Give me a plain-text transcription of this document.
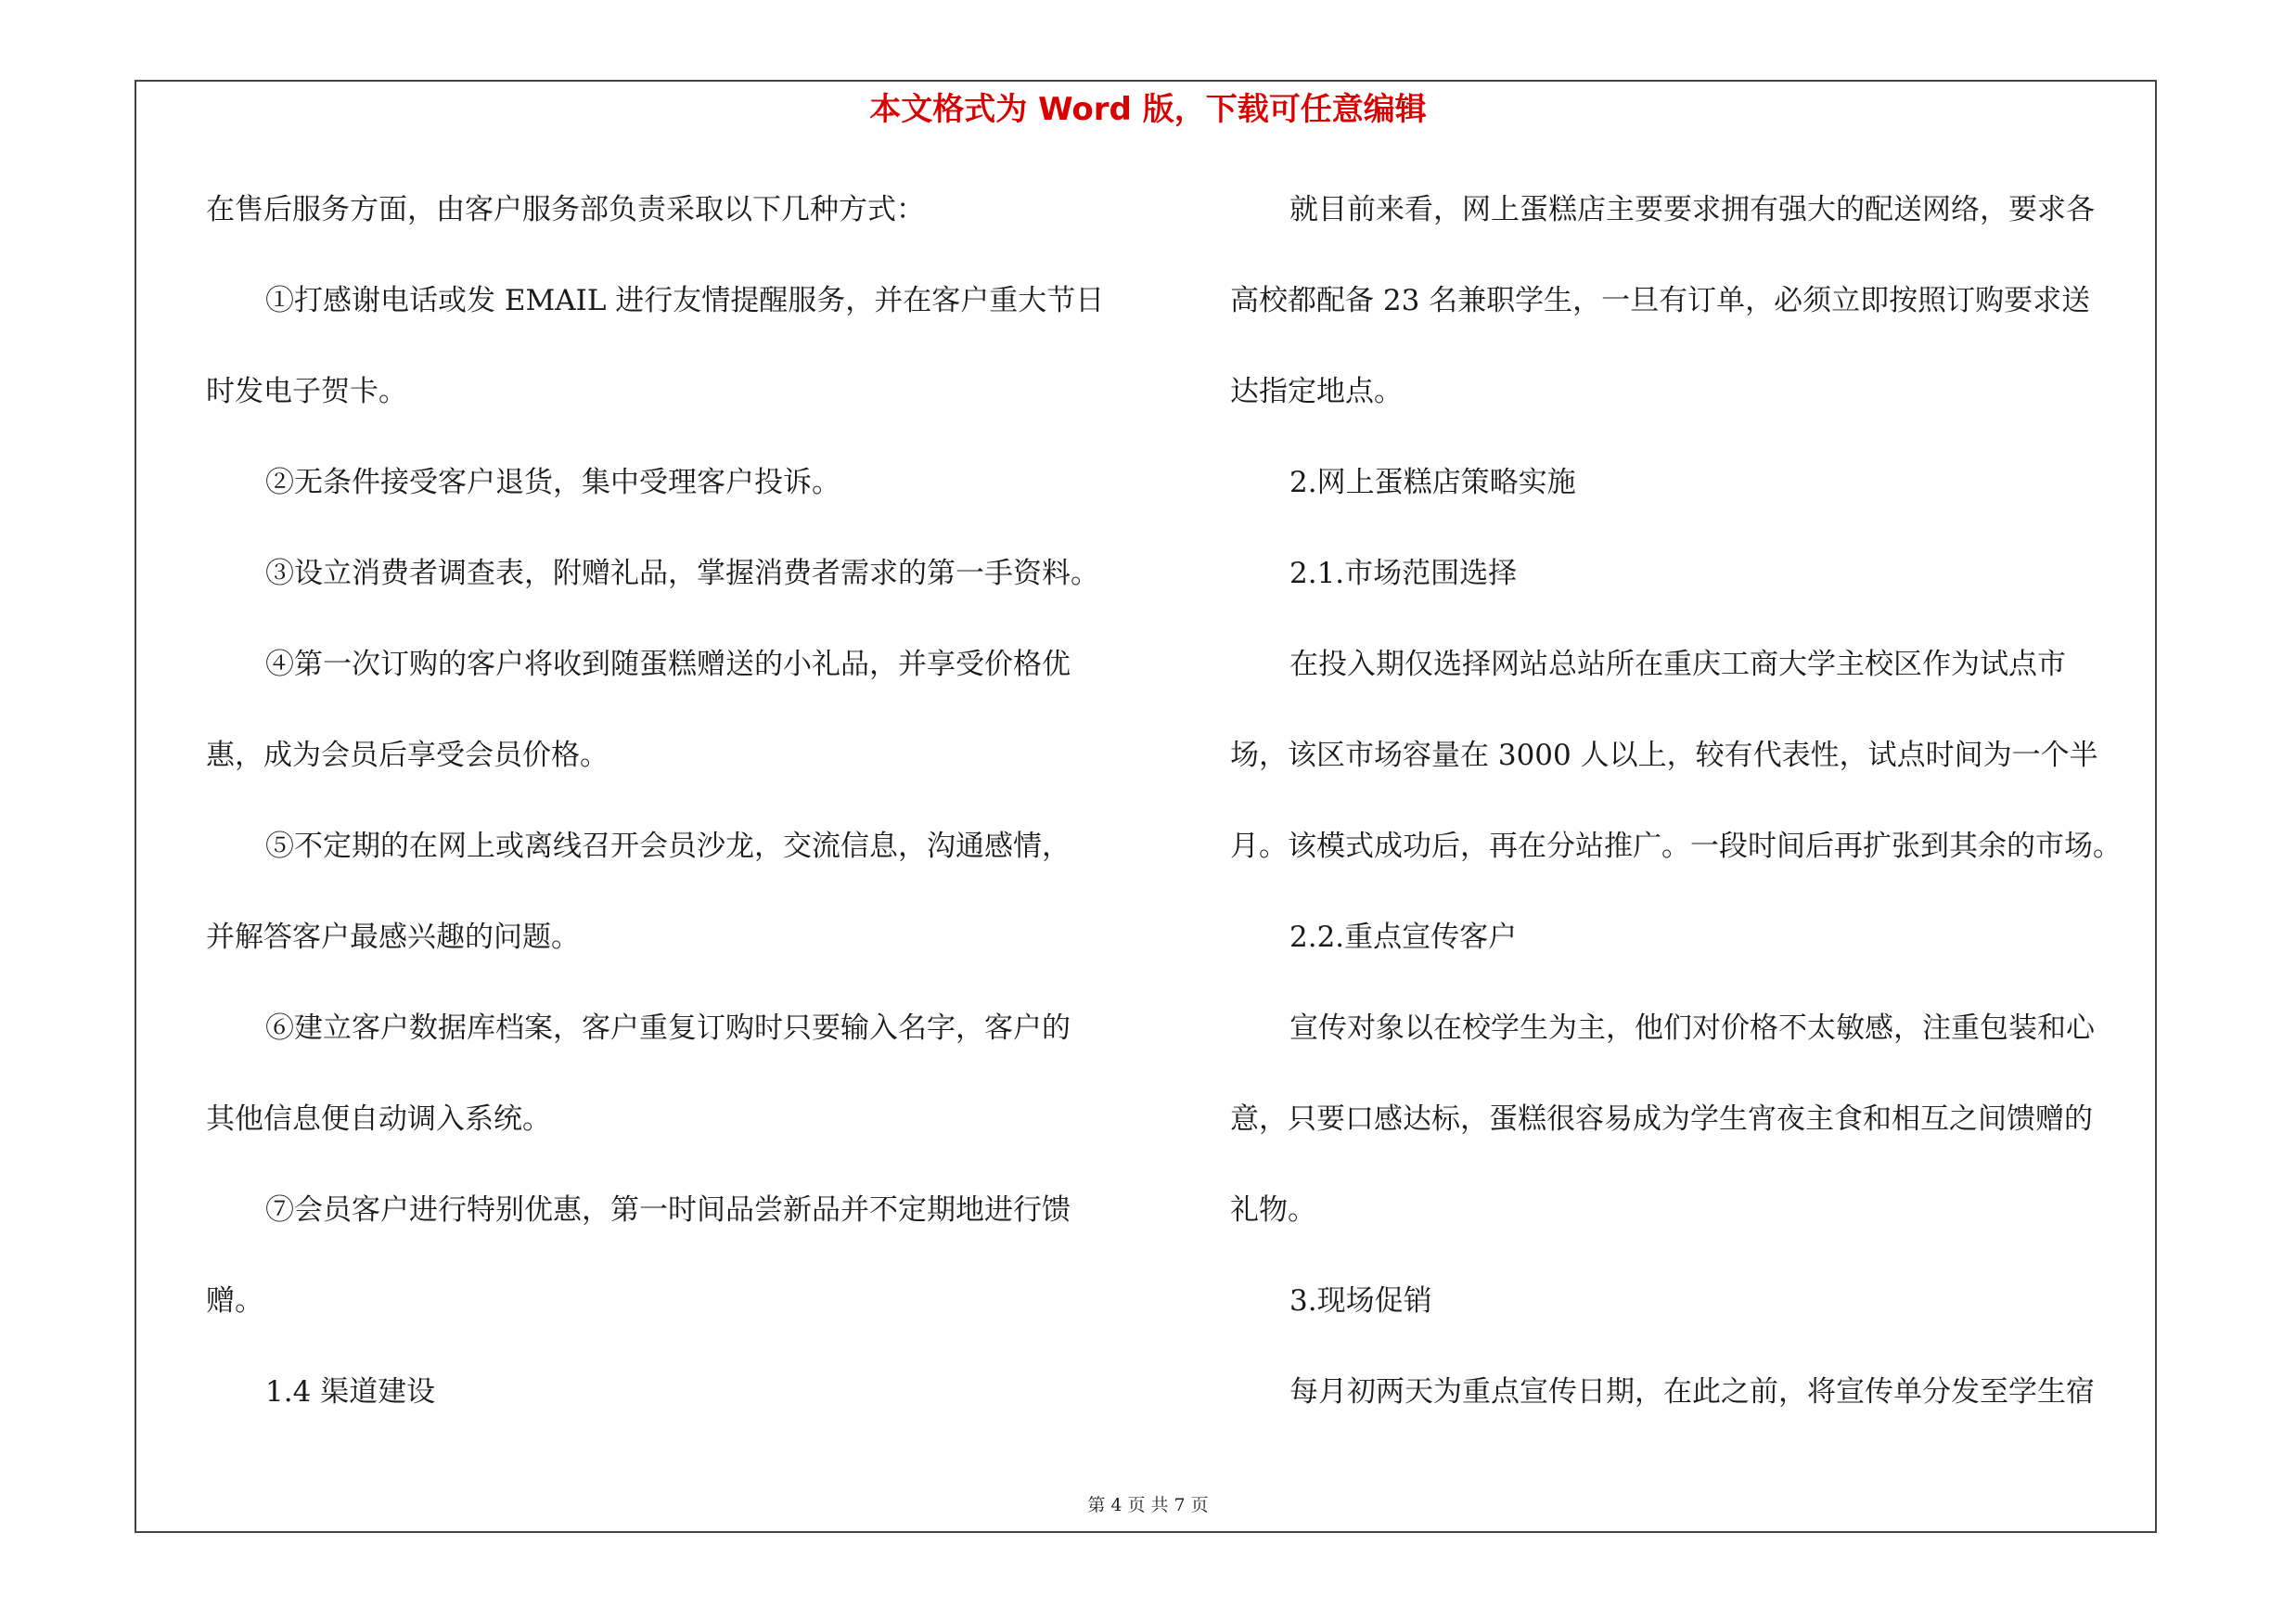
本文格式为 Word 版，下载可任意编辑
在售后服务方面，由客户服务部负责采取以下几种方式：
①打感谢电话或发 EMAIL 进行友情提醒服务，并在客户重大节日
时发电子贺卡。
②无条件接受客户退货，集中受理客户投诉。
③设立消费者调查表，附赠礼品，掌握消费者需求的第一手资料。
④第一次订购的客户将收到随蛋糕赠送的小礼品，并享受价格优
惠，成为会员后享受会员价格。
⑤不定期的在网上或离线召开会员沙龙，交流信息，沟通感情，
并解答客户最感兴趣的问题。
⑥建立客户数据库档案，客户重复订购时只要输入名字，客户的
其他信息便自动调入系统。
⑦会员客户进行特别优惠，第一时间品尝新品并不定期地进行馈
赠。
1.4 渠道建设
就目前来看，网上蛋糕店主要要求拥有强大的配送网络，要求各
高校都配备 23 名兼职学生，一旦有订单，必须立即按照订购要求送
达指定地点。
2.网上蛋糕店策略实施
2.1.市场范围选择
在投入期仅选择网站总站所在重庆工商大学主校区作为试点市
场，该区市场容量在 3000 人以上，较有代表性，试点时间为一个半
月。该模式成功后，再在分站推广。一段时间后再扩张到其余的市场。
2.2.重点宣传客户
宣传对象以在校学生为主，他们对价格不太敏感，注重包装和心
意，只要口感达标，蛋糕很容易成为学生宵夜主食和相互之间馈赠的
礼物。
3.现场促销
每月初两天为重点宣传日期，在此之前，将宣传单分发至学生宿
第 4 页 共 7 页
